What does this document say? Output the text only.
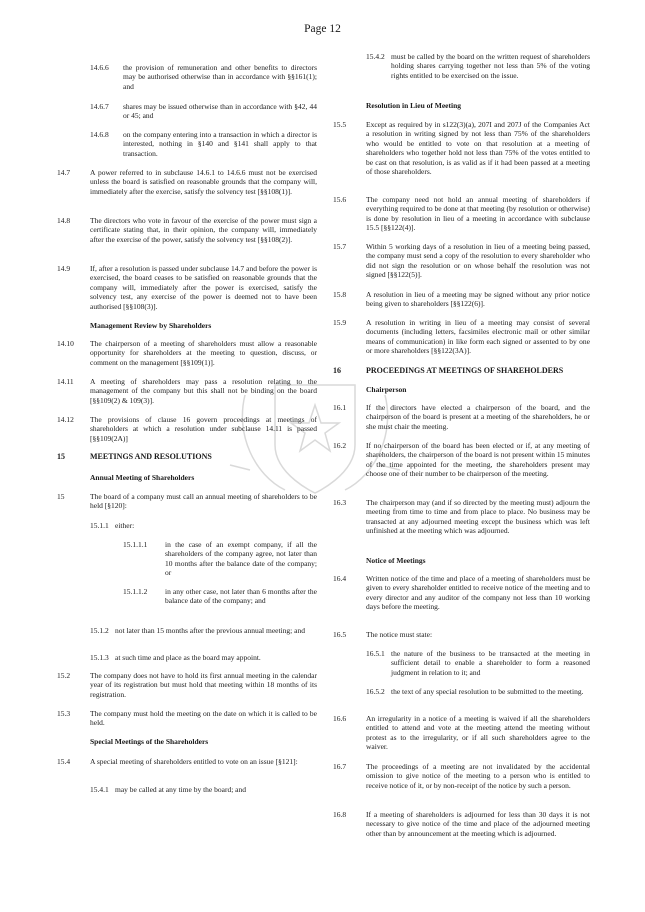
Page 12
14.6.6	the provision of remuneration and other benefits to directors may be authorised otherwise than in accordance with §§161(1); and
14.6.7	shares may be issued otherwise than in accordance with §42, 44 or 45; and
14.6.8	on the company entering into a transaction in which a director is interested, nothing in §140 and §141 shall apply to that transaction.
14.7	A power referred to in subclause 14.6.1 to 14.6.6 must not be exercised unless the board is satisfied on reasonable grounds that the company will, immediately after the exercise, satisfy the solvency test [§§108(1)].
14.8	The directors who vote in favour of the exercise of the power must sign a certificate stating that, in their opinion, the company will, immediately after the exercise of the power, satisfy the solvency test [§§108(2)].
14.9	If, after a resolution is passed under subclause 14.7 and before the power is exercised, the board ceases to be satisfied on reasonable grounds that the company will, immediately after the power is exercised, satisfy the solvency test, any exercise of the power is deemed not to have been authorised [§§108(3)].
Management Review by Shareholders
14.10	The chairperson of a meeting of shareholders must allow a reasonable opportunity for shareholders at the meeting to question, discuss, or comment on the management [§§109(1)].
14.11	A meeting of shareholders may pass a resolution relating to the management of the company but this shall not be binding on the board [§§109(2) & 109(3)].
14.12	The provisions of clause 16 govern proceedings at meetings of shareholders at which a resolution under subclause 14.11 is passed [§§109(2A)]
15	MEETINGS AND RESOLUTIONS
Annual Meeting of Shareholders
15	The board of a company must call an annual meeting of shareholders to be held [§120]:
15.1.1 either:
15.1.1.1	in the case of an exempt company, if all the shareholders of the company agree, not later than 10 months after the balance date of the company; or
15.1.1.2	in any other case, not later than 6 months after the balance date of the company; and
15.1.2 not later than 15 months after the previous annual meeting; and
15.1.3 at such time and place as the board may appoint.
15.2	The company does not have to hold its first annual meeting in the calendar year of its registration but must hold that meeting within 18 months of its registration.
15.3	The company must hold the meeting on the date on which it is called to be held.
Special Meetings of the Shareholders
15.4	A special meeting of shareholders entitled to vote on an issue [§121]:
15.4.1 may be called at any time by the board; and
15.4.2 must be called by the board on the written request of shareholders holding shares carrying together not less than 5% of the voting rights entitled to be exercised on the issue.
Resolution in Lieu of Meeting
15.5	Except as required by in s122(3)(a), 207I and 207J of the Companies Act a resolution in writing signed by not less than 75% of the shareholders who would be entitled to vote on that resolution at a meeting of shareholders who together hold not less than 75% of the votes entitled to be cast on that resolution, is as valid as if it had been passed at a meeting of those shareholders.
15.6	The company need not hold an annual meeting of shareholders if everything required to be done at that meeting (by resolution or otherwise) is done by resolution in lieu of a meeting in accordance with subclause 15.5 [§§122(4)].
15.7	Within 5 working days of a resolution in lieu of a meeting being passed, the company must send a copy of the resolution to every shareholder who did not sign the resolution or on whose behalf the resolution was not signed [§§122(5)].
15.8	A resolution in lieu of a meeting may be signed without any prior notice being given to shareholders [§§122(6)].
15.9	A resolution in writing in lieu of a meeting may consist of several documents (including letters, facsimiles electronic mail or other similar means of communication) in like form each signed or assented to by one or more shareholders [§§122(3A)].
16	PROCEEDINGS AT MEETINGS OF SHAREHOLDERS
Chairperson
16.1	If the directors have elected a chairperson of the board, and the chairperson of the board is present at a meeting of the shareholders, he or she must chair the meeting.
16.2	If no chairperson of the board has been elected or if, at any meeting of shareholders, the chairperson of the board is not present within 15 minutes of the time appointed for the meeting, the shareholders present may choose one of their number to be chairperson of the meeting.
16.3	The chairperson may (and if so directed by the meeting must) adjourn the meeting from time to time and from place to place. No business may be transacted at any adjourned meeting except the business which was left unfinished at the meeting which was adjourned.
Notice of Meetings
16.4	Written notice of the time and place of a meeting of shareholders must be given to every shareholder entitled to receive notice of the meeting and to every director and any auditor of the company not less than 10 working days before the meeting.
16.5	The notice must state:
16.5.1 the nature of the business to be transacted at the meeting in sufficient detail to enable a shareholder to form a reasoned judgment in relation to it; and
16.5.2 the text of any special resolution to be submitted to the meeting.
16.6	An irregularity in a notice of a meeting is waived if all the shareholders entitled to attend and vote at the meeting attend the meeting without protest as to the irregularity, or if all such shareholders agree to the waiver.
16.7	The proceedings of a meeting are not invalidated by the accidental omission to give notice of the meeting to a person who is entitled to receive notice of it, or by non-receipt of the notice by such a person.
16.8	If a meeting of shareholders is adjourned for less than 30 days it is not necessary to give notice of the time and place of the adjourned meeting other than by announcement at the meeting which is adjourned.
